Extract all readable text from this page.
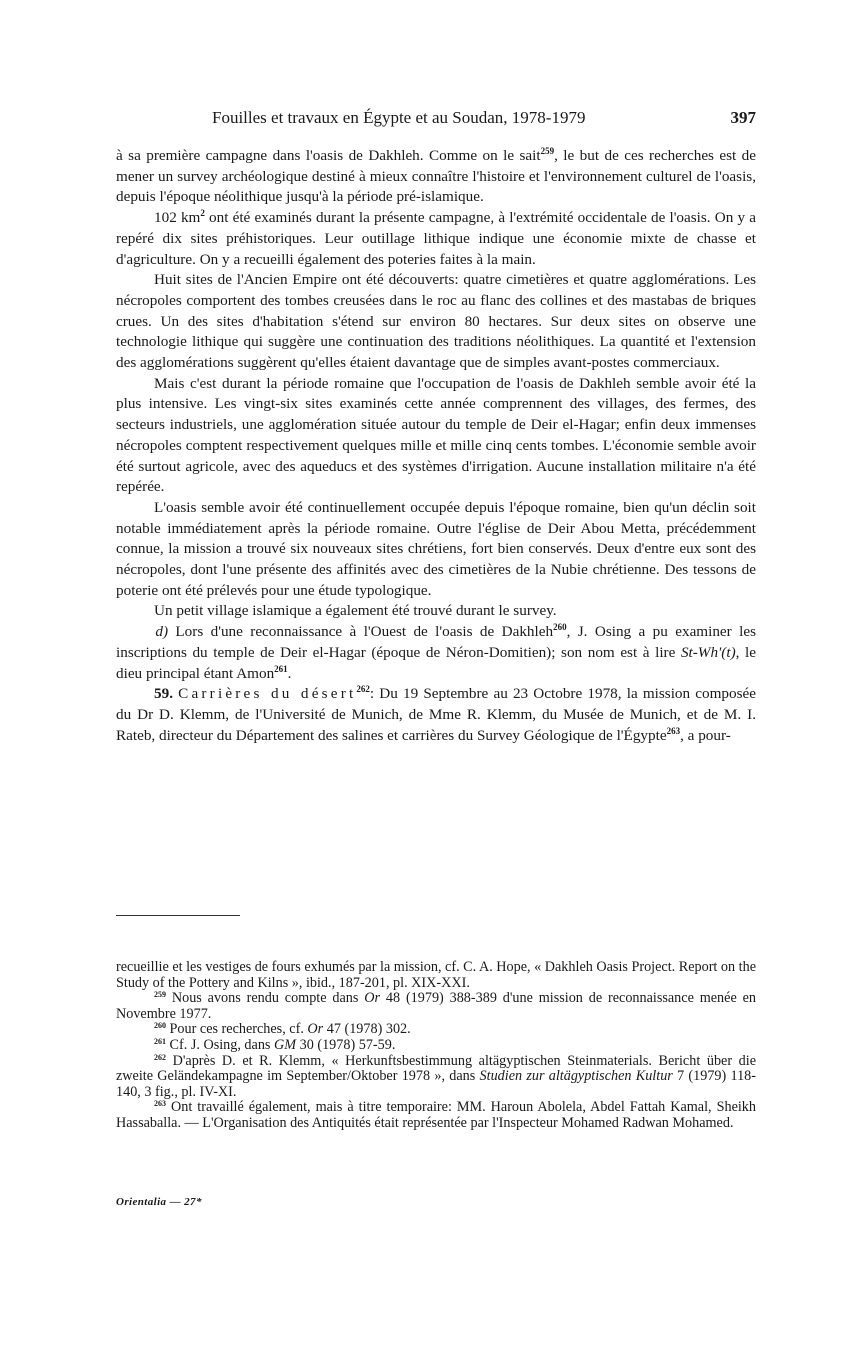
Fouilles et travaux en Égypte et au Soudan, 1978-1979	397

à sa première campagne dans l'oasis de Dakhleh. Comme on le sait$^{259}$, le but de ces recherches est de mener un survey archéologique destiné à mieux connaître l'histoire et l'environnement culturel de l'oasis, depuis l'époque néolithique jusqu'à la période pré-islamique.

102 $km^2$ ont été examinés durant la présente campagne, à l'extrémité occidentale de l'oasis. On y a repéré dix sites préhistoriques. Leur outillage lithique indique une économie mixte de chasse et d'agriculture. On y a recueilli également des poteries faites à la main.

Huit sites de l'Ancien Empire ont été découverts: quatre cimetières et quatre agglomérations. Les nécropoles comportent des tombes creusées dans le roc au flanc des collines et des mastabas de briques crues. Un des sites d'habitation s'étend sur environ 80 hectares. Sur deux sites on observe une technologie lithique qui suggère une continuation des traditions néolithiques. La quantité et l'extension des agglomérations suggèrent qu'elles étaient davantage que de simples avant-postes commerciaux.

Mais c'est durant la période romaine que l'occupation de l'oasis de Dakhleh semble avoir été la plus intensive. Les vingt-six sites examinés cette année comprennent des villages, des fermes, des secteurs industriels, une agglomération située autour du temple de Deir el-Hagar; enfin deux immenses nécropoles comptent respectivement quelques mille et mille cinq cents tombes. L'économie semble avoir été surtout agricole, avec des aqueducs et des systèmes d'irrigation. Aucune installation militaire n'a été repérée.

L'oasis semble avoir été continuellement occupée depuis l'époque romaine, bien qu'un déclin soit notable immédiatement après la période romaine. Outre l'église de Deir Abou Metta, précédemment connue, la mission a trouvé six nouveaux sites chrétiens, fort bien conservés. Deux d'entre eux sont des nécropoles, dont l'une présente des affinités avec des cimetières de la Nubie chrétienne. Des tessons de poterie ont été prélevés pour une étude typologique.

Un petit village islamique a également été trouvé durant le survey.

d) Lors d'une reconnaissance à l'Ouest de l'oasis de Dakhleh$^{260}$, J. Osing a pu examiner les inscriptions du temple de Deir el-Hagar (époque de Néron-Domitien); son nom est à lire St-Wh'(t), le dieu principal étant Amon$^{261}$.

59. Carrières du désert$^{262}$: Du 19 Septembre au 23 Octobre 1978, la mission composée du Dr D. Klemm, de l'Université de Munich, de Mme R. Klemm, du Musée de Munich, et de M. I. Rateb, directeur du Département des salines et carrières du Survey Géologique de l'Égypte$^{263}$, a pour-

recueillie et les vestiges de fours exhumés par la mission, cf. C. A. Hope, « Dakhleh Oasis Project. Report on the Study of the Pottery and Kilns », ibid., 187-201, pl. XIX-XXI.

$^{259}$ Nous avons rendu compte dans Or 48 (1979) 388-389 d'une mission de reconnaissance menée en Novembre 1977.

$^{260}$ Pour ces recherches, cf. Or 47 (1978) 302.

$^{261}$ Cf. J. Osing, dans GM 30 (1978) 57-59.

$^{262}$ D'après D. et R. Klemm, « Herkunftsbestimmung altägyptischen Steinmaterials. Bericht über die zweite Geländekampagne im September/Oktober 1978 », dans Studien zur altägyptischen Kultur 7 (1979) 118-140, 3 fig., pl. IV-XI.

$^{263}$ Ont travaillé également, mais à titre temporaire: MM. Haroun Abolela, Abdel Fattah Kamal, Sheikh Hassaballa. — L'Organisation des Antiquités était représentée par l'Inspecteur Mohamed Radwan Mohamed.

Orientalia — 27*
